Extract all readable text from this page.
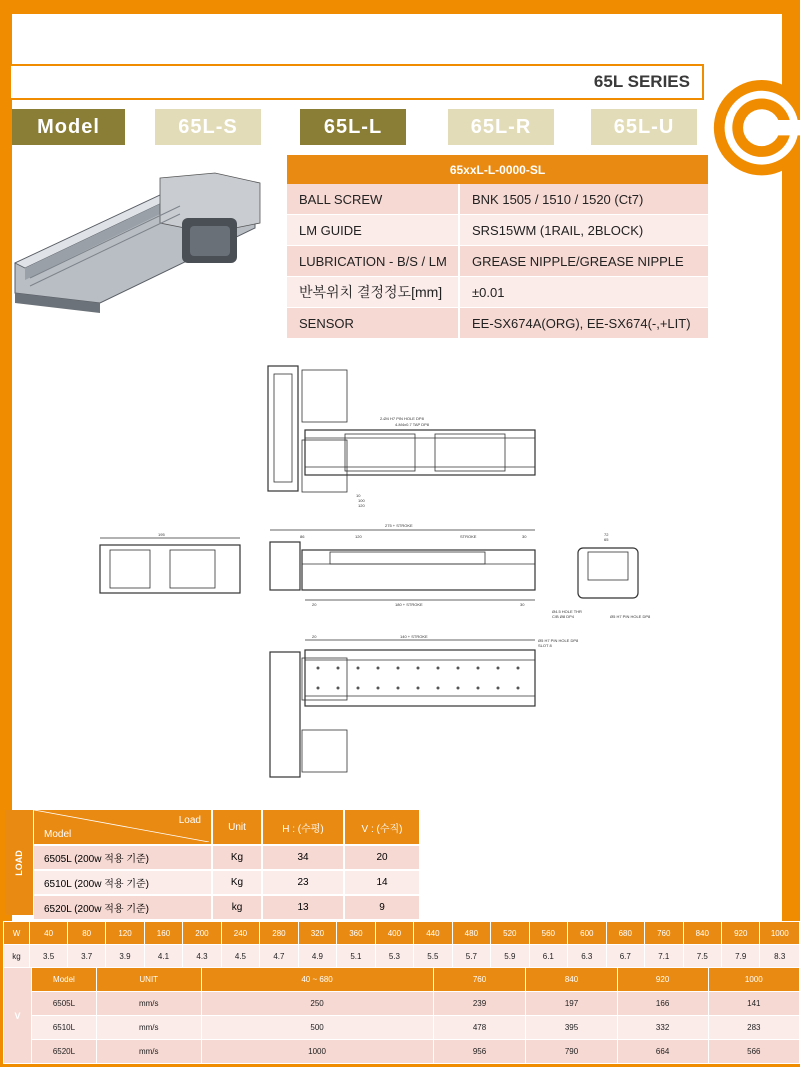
65L SERIES
Model	65L-S	65L-L	65L-R	65L-U
65xxL-L-0000-SL	
BALL SCREW	BNK 1505 / 1510 / 1520 (Ct7)
LM GUIDE	SRS15WM (1RAIL, 2BLOCK)
LUBRICATION - B/S / LM	GREASE NIPPLE/GREASE NIPPLE
반복위치 결정정도[mm]	±0.01
SENSOR	EE-SX674A(ORG), EE-SX674(-,+LIT)
2-Ø4 H7 PIN HOLE DP8
4-M4x0.7 TAP DP8
10
100
120
195
275 + STROKE
86	120	STROKE	30
180 + STROKE
20	30
72
65
Ø4.5 HOLE THR
C/B Ø8 DP4	Ø5 H7 PIN HOLE DP8
20	140 + STROKE
Ø5 H7 PIN HOLE DP8
SLOT 8
LOAD
Load
Model	Unit	H : (수평)	V : (수직)
6505L (200w 적용 기준)	Kg	34	20
6510L (200w 적용 기준)	Kg	23	14
6520L (200w 적용 기준)	kg	13	9
W	40	80	120	160	200	240	280	320	360	400	440	480	520	560	600	680	760	840	920	1000
kg	3.5	3.7	3.9	4.1	4.3	4.5	4.7	4.9	5.1	5.3	5.5	5.7	5.9	6.1	6.3	6.7	7.1	7.5	7.9	8.3
V	Model	UNIT	40 ~ 680	760	840	920	1000
	6505L	mm/s	250	239	197	166	141
	6510L	mm/s	500	478	395	332	283
	6520L	mm/s	1000	956	790	664	566
